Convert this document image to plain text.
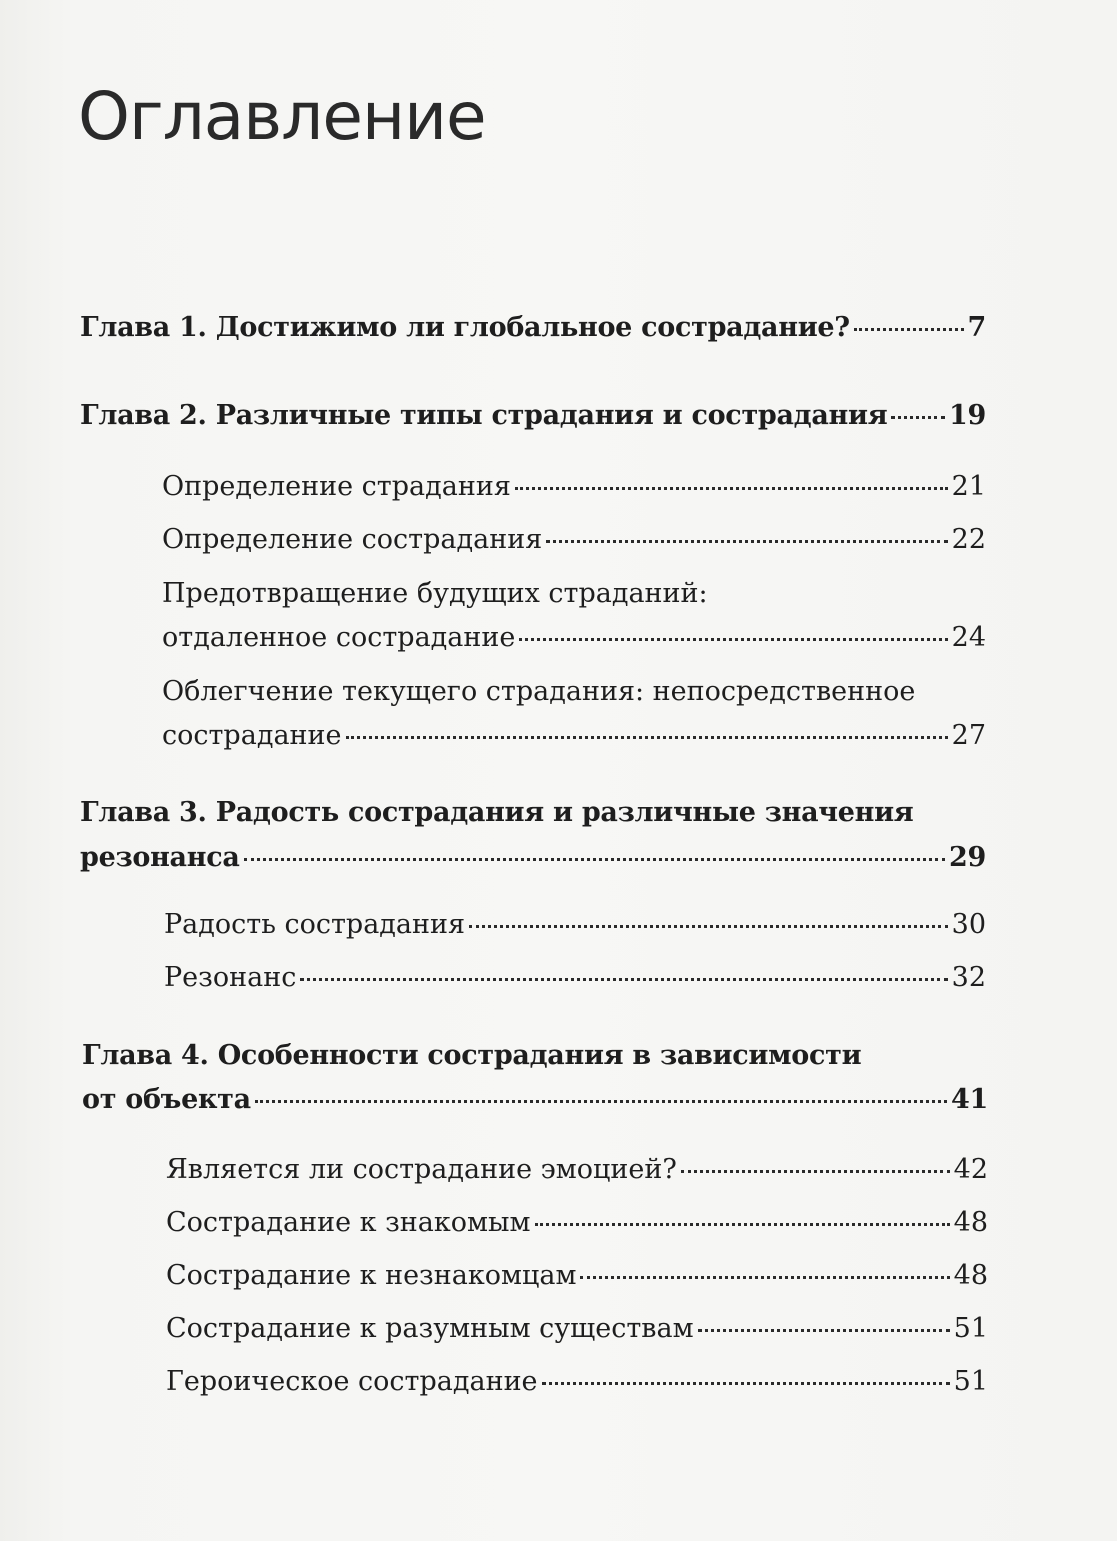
Оглавление
Глава 1. Достижимо ли глобальное сострадание?	7
Глава 2. Различные типы страдания и сострадания 19
Определение страдания	21
Определение сострадания	22
Предотвращение будущих страданий:
отдаленное сострадание	24
Облегчение текущего страдания: непосредственное
сострадание	27
Глава 3. Радость сострадания и различные значения
резонанса	29
Радость сострадания	30
Резонанс	32
Глава 4. Особенности сострадания в зависимости
от объекта	41
Является ли сострадание эмоцией?	42
Сострадание к знакомым	48
Сострадание к незнакомцам	48
Сострадание к разумным существам	51
Героическое сострадание	51
